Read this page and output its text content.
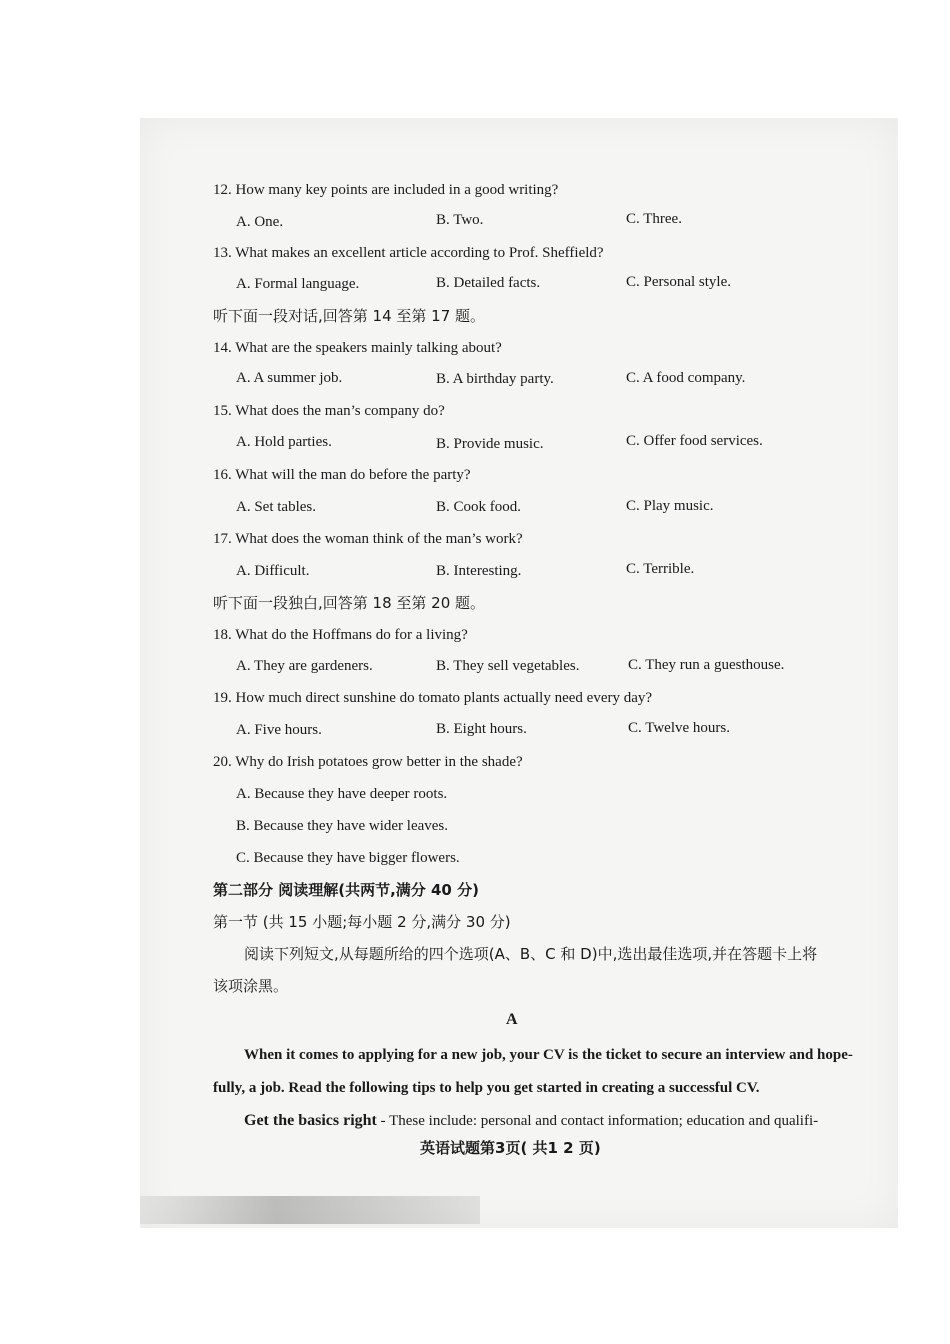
12. How many key points are included in a good writing?
A. One.	B. Two.	C. Three.
13. What makes an excellent article according to Prof. Sheffield?
A. Formal language.	B. Detailed facts.	C. Personal style.
听下面一段对话,回答第 14 至第 17 题。
14. What are the speakers mainly talking about?
A. A summer job.	B. A birthday party.	C. A food company.
15. What does the man’s company do?
A. Hold parties.	B. Provide music.	C. Offer food services.
16. What will the man do before the party?
A. Set tables.	B. Cook food.	C. Play music.
17. What does the woman think of the man’s work?
A. Difficult.	B. Interesting.	C. Terrible.
听下面一段独白,回答第 18 至第 20 题。
18. What do the Hoffmans do for a living?
A. They are gardeners.	B. They sell vegetables.	C. They run a guesthouse.
19. How much direct sunshine do tomato plants actually need every day?
A. Five hours.	B. Eight hours.	C. Twelve hours.
20. Why do Irish potatoes grow better in the shade?
A. Because they have deeper roots.
B. Because they have wider leaves.
C. Because they have bigger flowers.
第二部分 阅读理解(共两节,满分 40 分)
第一节 (共 15 小题;每小题 2 分,满分 30 分)
阅读下列短文,从每题所给的四个选项(A、B、C 和 D)中,选出最佳选项,并在答题卡上将
该项涂黑。
A
When it comes to applying for a new job, your CV is the ticket to secure an interview and hope-
fully, a job. Read the following tips to help you get started in creating a successful CV.
Get the basics right - These include: personal and contact information; education and qualifi-
英语试题第3页( 共1 2 页)
